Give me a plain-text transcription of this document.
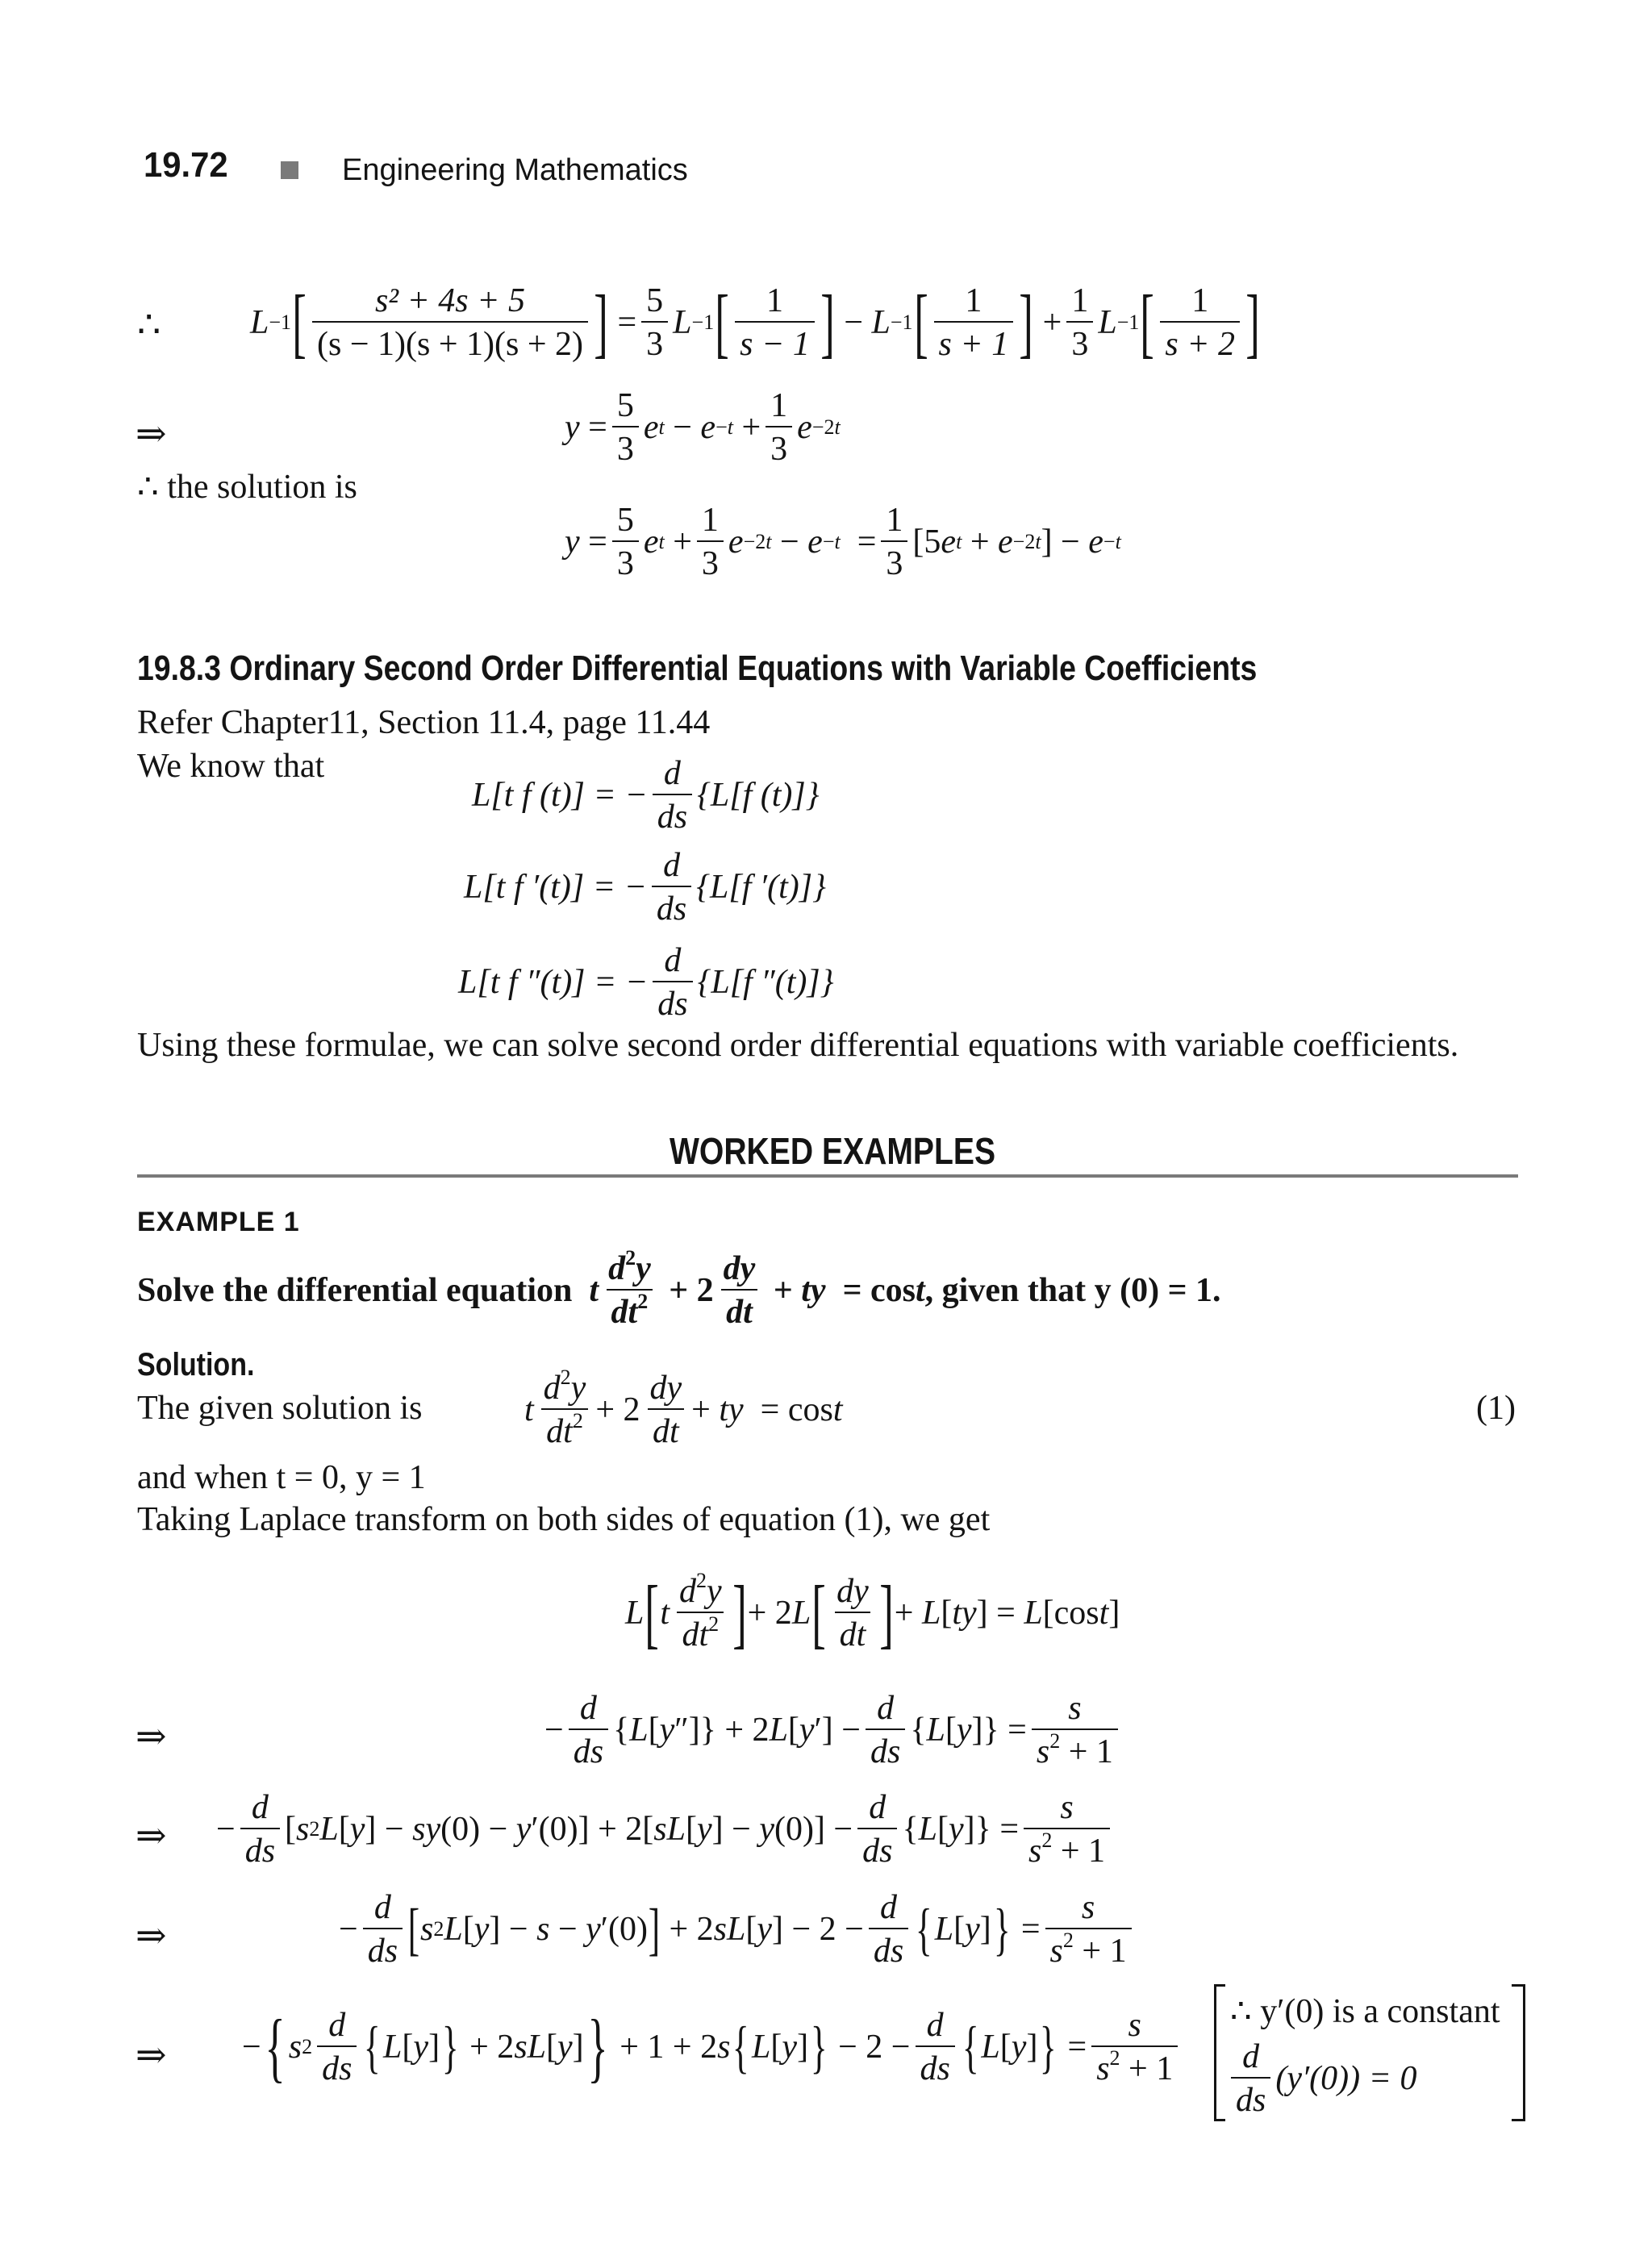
19.72	Engineering Mathematics
∴	L −1 [ $\frac{\text{s² + 4s + 5}}{(s - 1)(s + 1)(s + 2)}$ ] = $\frac{5}{3}$ L −1 [ $\frac{1}{s - 1}$ ] − L −1 [ $\frac{1}{s + 1}$ ] + $\frac{1}{3}$ L −1 [ $\frac{1}{s + 2}$ ]
⇒	$y = \frac{5}{3}$ e $t - e -t + \frac{1}{3}$ e −2t
∴ the solution is
$y = \frac{5}{3}$ e $t + \frac{1}{3}$ $e -2t - e -t = \frac{1}{3} [5$ e t + e −2t ] − e −t
19.8.3 Ordinary Second Order Differential Equations with Variable Coefficients
Refer Chapter11, Section 11.4, page 11.44
We know that
L[t f (t)] = − $\frac{d}{ds} \{L[f$ (t)]}
L[t f ′(t)] = − $\frac{d}{ds} \{L[f$ ′(t)]}
L[t f ″(t)] = − $\frac{d}{ds} \{L[f$ ″(t)]}
Using these formulae, we can solve second order differential equations with variable coefficients.
WORKED EXAMPLES
EXAMPLE 1
Solve the differential equation
t $\frac{d^2y}{dt^2} + 2 \frac{dy}{dt}$ + ty = cos t , given that y (0) = 1.
Solution.
The given solution is	t $\frac{d^2y}{dt^2} + 2 \frac{dy}{dt}$ + ty = cos t	(1)
and when t = 0, y = 1
Taking Laplace transform on both sides of equation (1), we get
L [ t $\frac{d^2y}{dt^2}$ ] + 2 L [ $\frac{dy}{dt}$ ] + L [ ty ] = L [cos t ]
⇒	− $\frac{d}{ds}$ { L [ y ″]} + 2 L [ y ′] − $\frac{d}{ds}$ { L [ y ]} = $\frac{s}{s^2 + 1}$
⇒ − $\frac{d}{ds}$ [ s 2 L [ y ] − sy (0) − y ′(0)] + 2[ sL [ y ] − y $(0)] - \frac{d}{ds}$ { L [ y ]} = $\frac{s}{s^2 + 1}$
⇒	− $\frac{d}{ds}$ [ s 2 L [ y ] − s − y ′(0) ] + 2 sL [ y ] − $2 - \frac{d}{ds}$ { L [ y ] } = $\frac{s}{s^2 + 1}$
⇒ − { s $2 \frac{d}{ds}$ { L [ y ] } + 2 sL [ y ] } + 1 + 2 s { L [ y ] } − $2 - \frac{d}{ds}$ { L [ y ] } = $\frac{s}{s^2 + 1}$ ∴ y′(0) is a constant
$\frac{d}{ds} (y'(0)) = 0$
